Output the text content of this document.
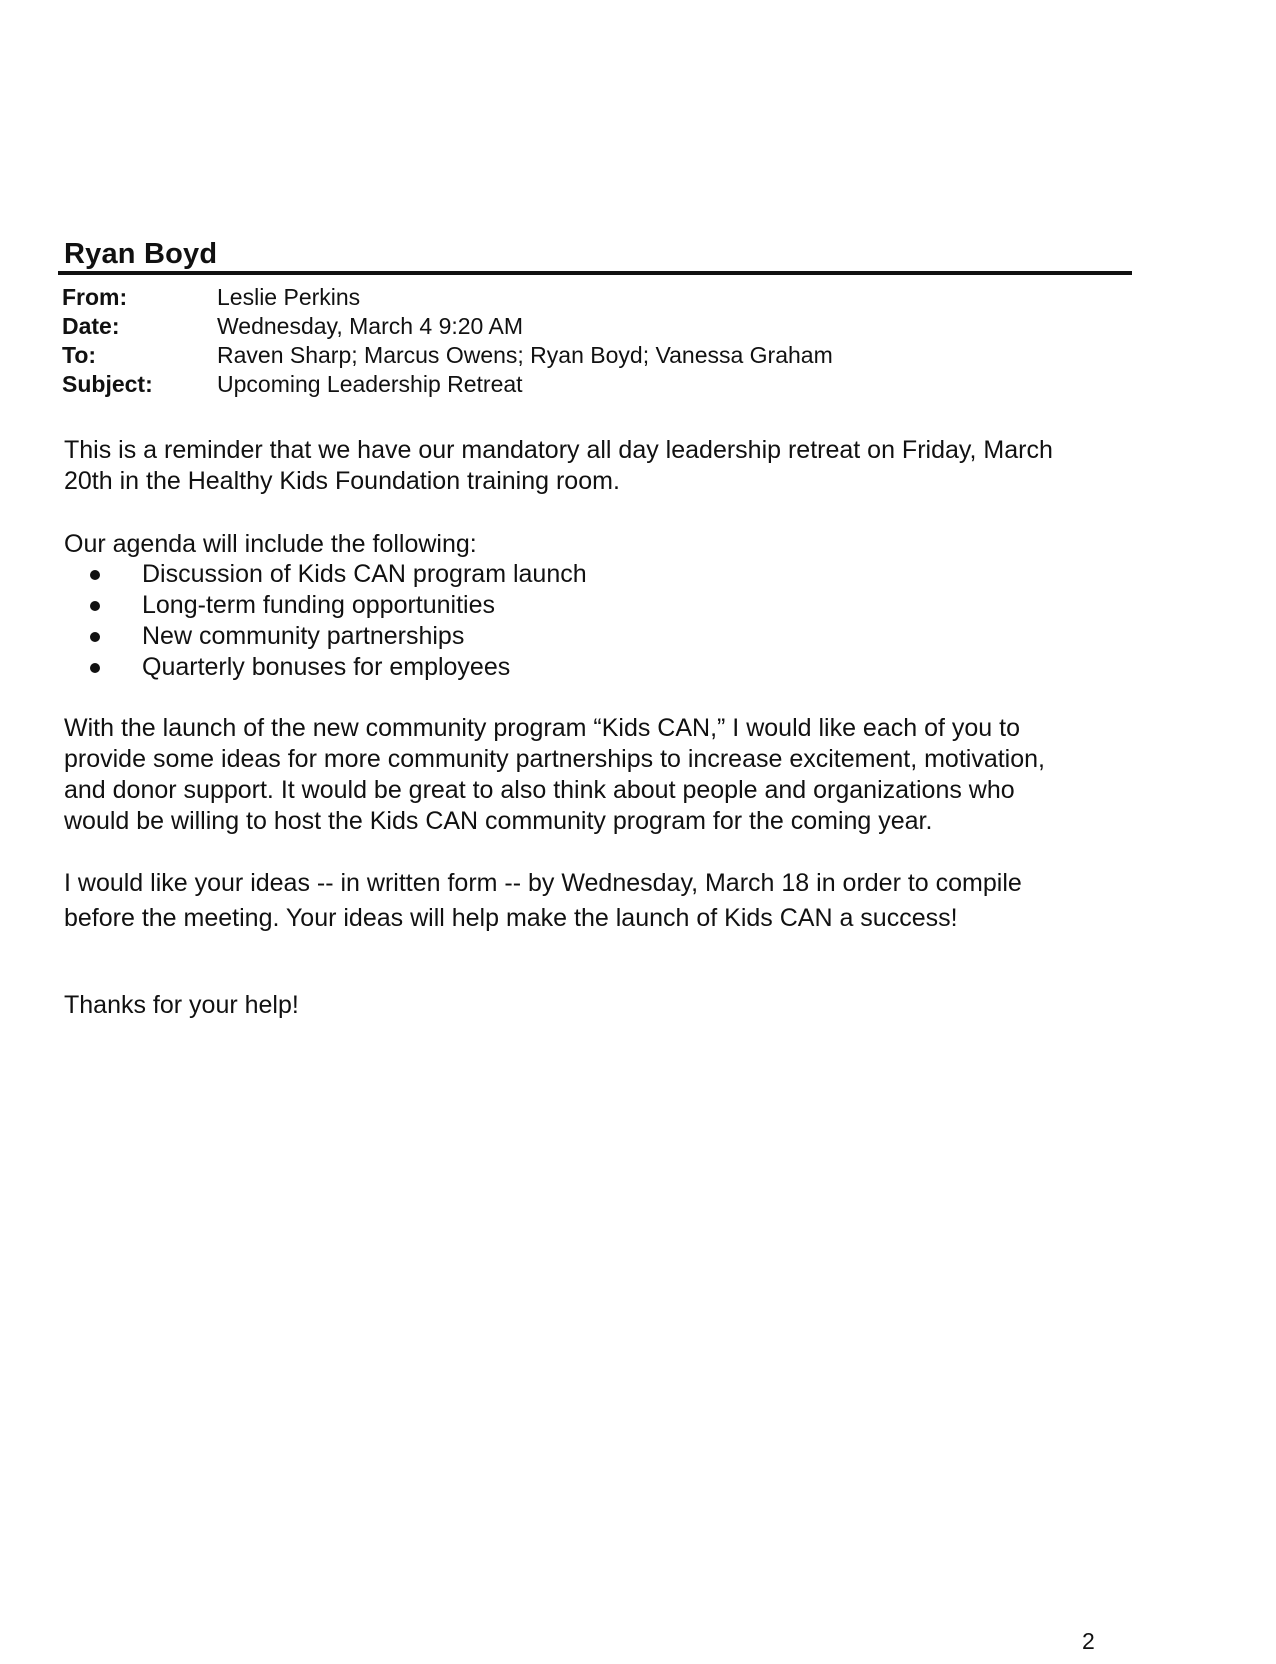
Ryan Boyd
From:	Leslie Perkins
Date:	Wednesday, March 4 9:20 AM
To:	Raven Sharp; Marcus Owens; Ryan Boyd; Vanessa Graham
Subject:	Upcoming Leadership Retreat
This is a reminder that we have our mandatory all day leadership retreat on Friday, March
20th in the Healthy Kids Foundation training room.
Our agenda will include the following:
Discussion of Kids CAN program launch
Long-term funding opportunities
New community partnerships
Quarterly bonuses for employees
With the launch of the new community program “Kids CAN,” I would like each of you to
provide some ideas for more community partnerships to increase excitement, motivation,
and donor support. It would be great to also think about people and organizations who
would be willing to host the Kids CAN community program for the coming year.
I would like your ideas -- in written form -- by Wednesday, March 18 in order to compile
before the meeting. Your ideas will help make the launch of Kids CAN a success!
Thanks for your help!
2
